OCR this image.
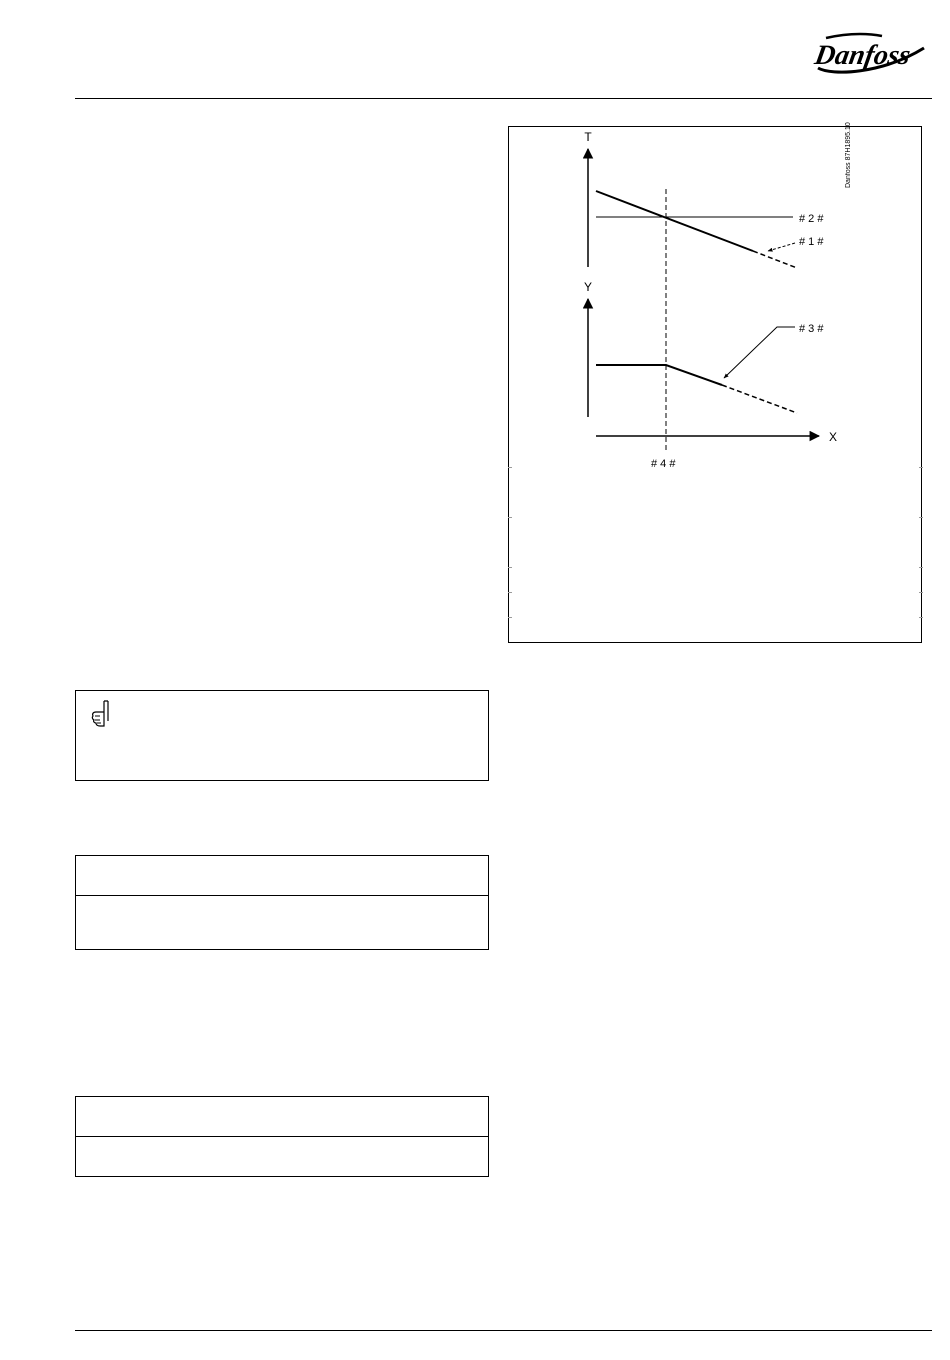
Danfoss
T
# 2 #
# 1 #
Y
# 3 #
X
# 4 #
Danfoss 87H1895.10
